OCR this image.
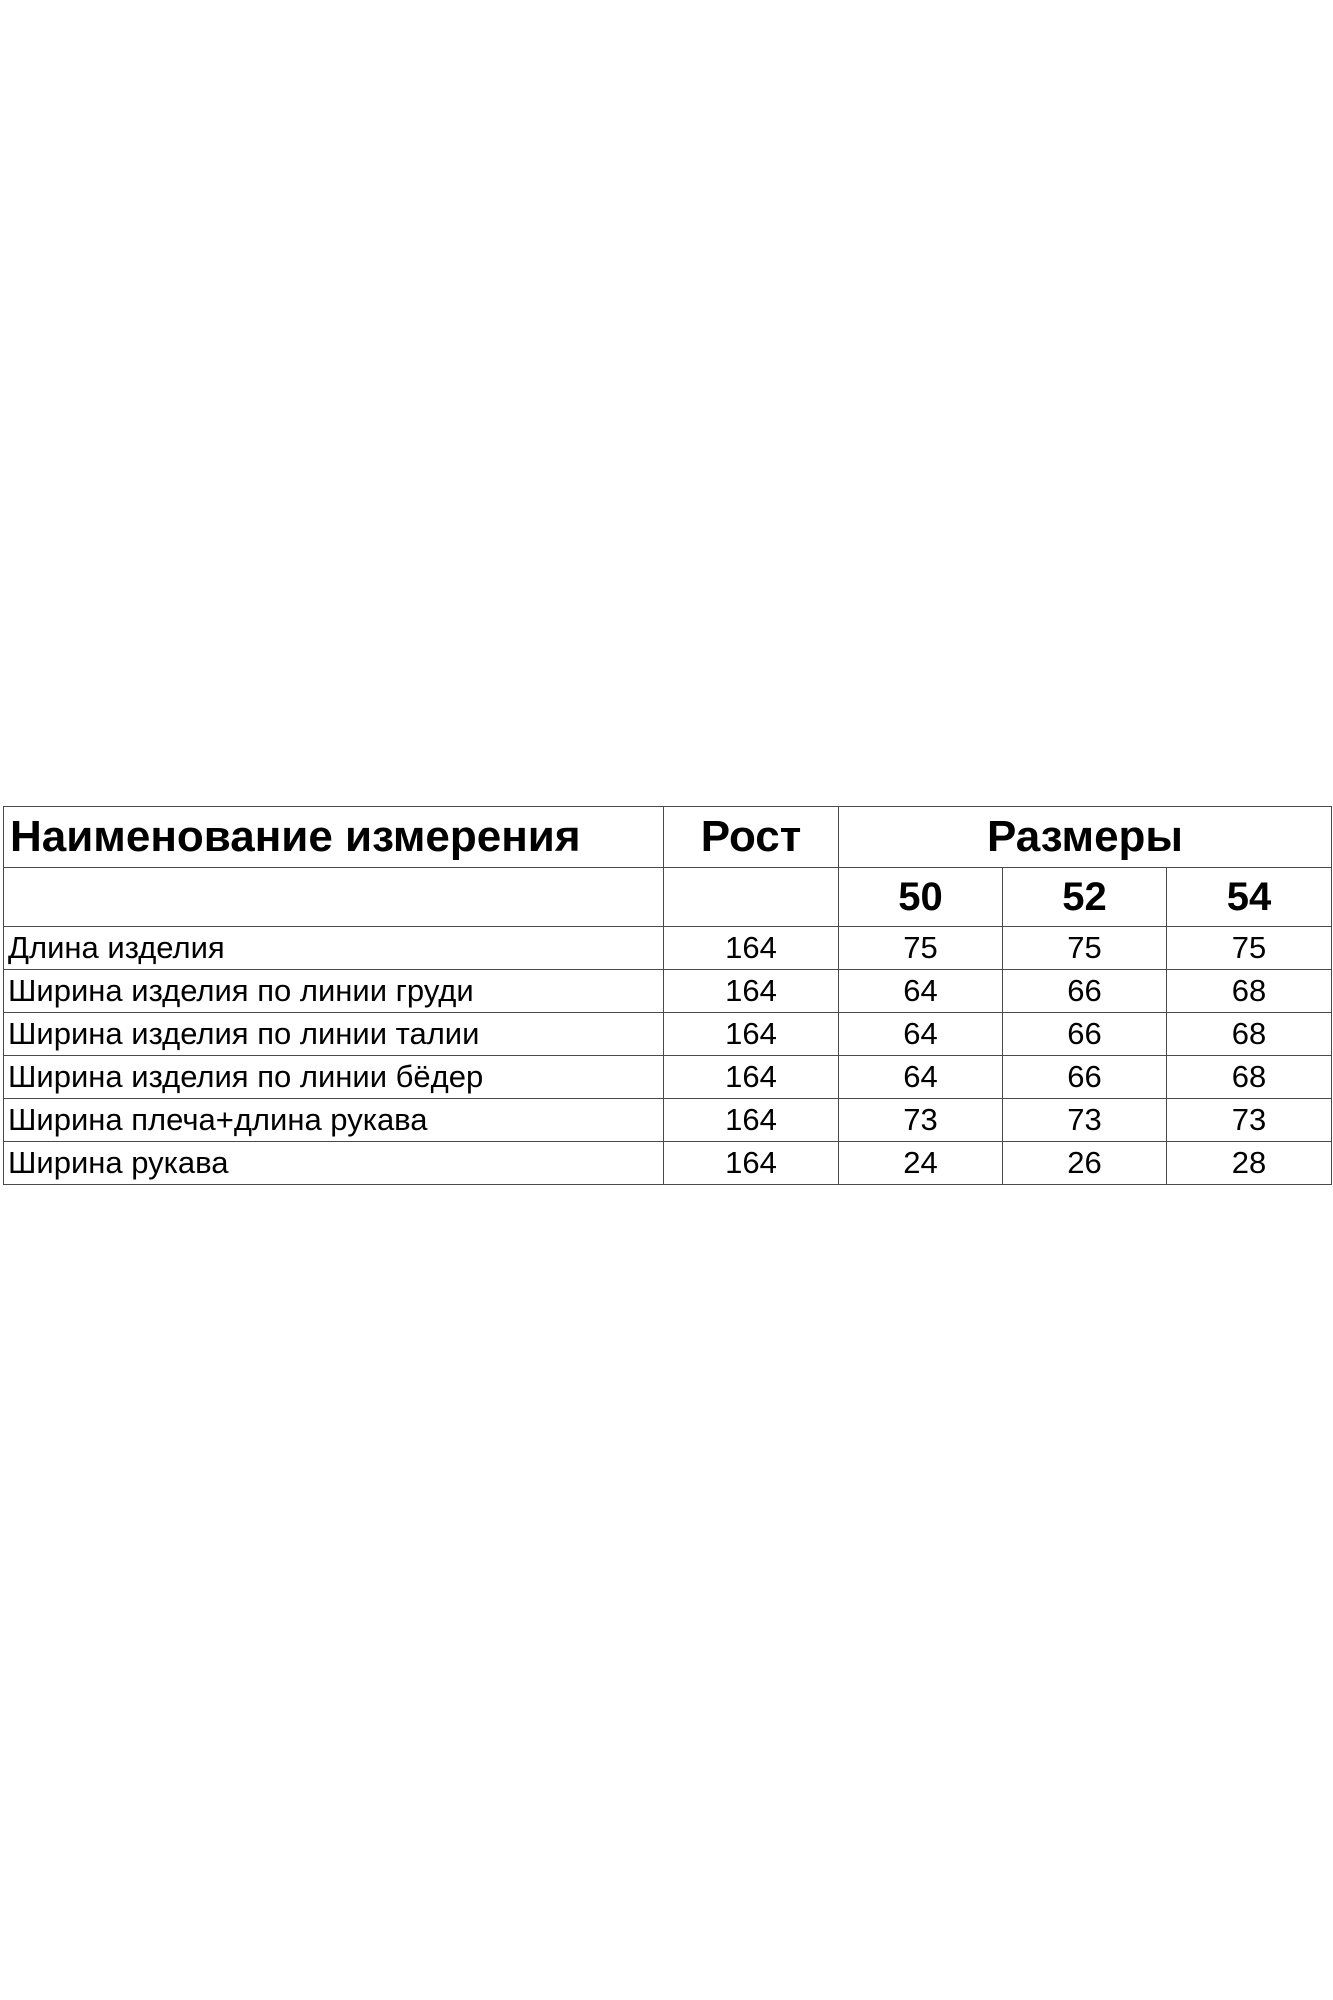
Наименование измерения	Рост	Размеры		
		50	52	54
Длина изделия	164	75	75	75
Ширина изделия по линии груди	164	64	66	68
Ширина изделия по линии талии	164	64	66	68
Ширина изделия по линии бёдер	164	64	66	68
Ширина плеча+длина рукава	164	73	73	73
Ширина рукава	164	24	26	28
